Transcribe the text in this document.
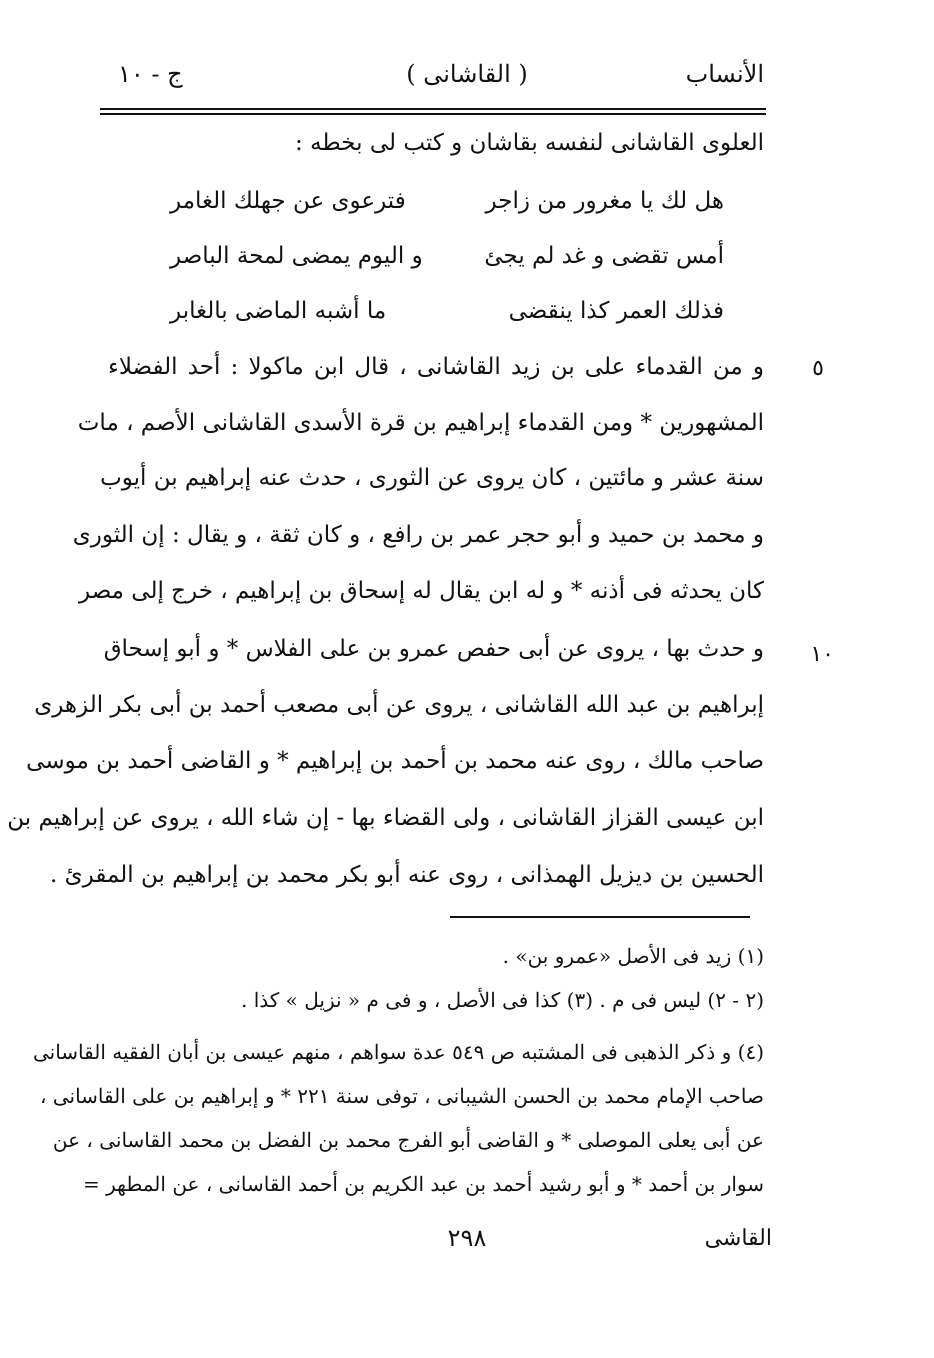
الأنساب
( القاشانی )
ج - ١٠
العلوی القاشانی لنفسه بقاشان و کتب لی بخطه :
هل لك یا مغرور من زاجر
فترعوی عن جهلك الغامر
أمس تقضی و غد لم یجئ
و الیوم یمضی لمحة الباصر
فذلك العمر کذا ینقضی
ما أشبه الماضی بالغابر
٥
و من القدماء علی بن زید القاشانی ، قال ابن ماکولا : أحد الفضلاء
المشهورین * ومن القدماء إبراهیم بن قرة الأسدی القاشانی الأصم ، مات
سنة عشر و مائتین ، کان یروی عن الثوری ، حدث عنه إبراهیم بن أیوب
و محمد بن حمید و أبو حجر عمر بن رافع ، و کان ثقة ، و یقال : إن الثوری
کان یحدثه فی أذنه * و له ابن یقال له إسحاق بن إبراهیم ، خرج إلی مصر
١٠
و حدث بها ، یروی عن أبی حفص عمرو بن علی الفلاس * و أبو إسحاق
إبراهیم بن عبد الله القاشانی ، یروی عن أبی مصعب أحمد بن أبی بکر الزهری
صاحب مالك ، روی عنه محمد بن أحمد بن إبراهیم * و القاضی أحمد بن موسی
ابن عیسی القزاز القاشانی ، ولی القضاء بها - إن شاء الله ، یروی عن إبراهیم بن
الحسین بن دیزیل الهمذانی ، روی عنه أبو بکر محمد بن إبراهیم بن المقرئ .
(١) زید فی الأصل «عمرو بن» .
(٢ - ٢) لیس فی م . (٣) کذا فی الأصل ، و فی م « نزیل » کذا .
(٤) و ذکر الذهبی فی المشتبه ص ٥٤٩ عدة سواهم ، منهم عیسی بن أبان الفقیه القاسانی
صاحب الإمام محمد بن الحسن الشیبانی ، توفی سنة ٢٢١ * و إبراهیم بن علی القاسانی ،
عن أبی یعلی الموصلی * و القاضی أبو الفرج محمد بن الفضل بن محمد القاسانی ، عن
سوار بن أحمد * و أبو رشید أحمد بن عبد الکریم بن أحمد القاسانی ، عن المطهر =
القاشی
٢٩٨
